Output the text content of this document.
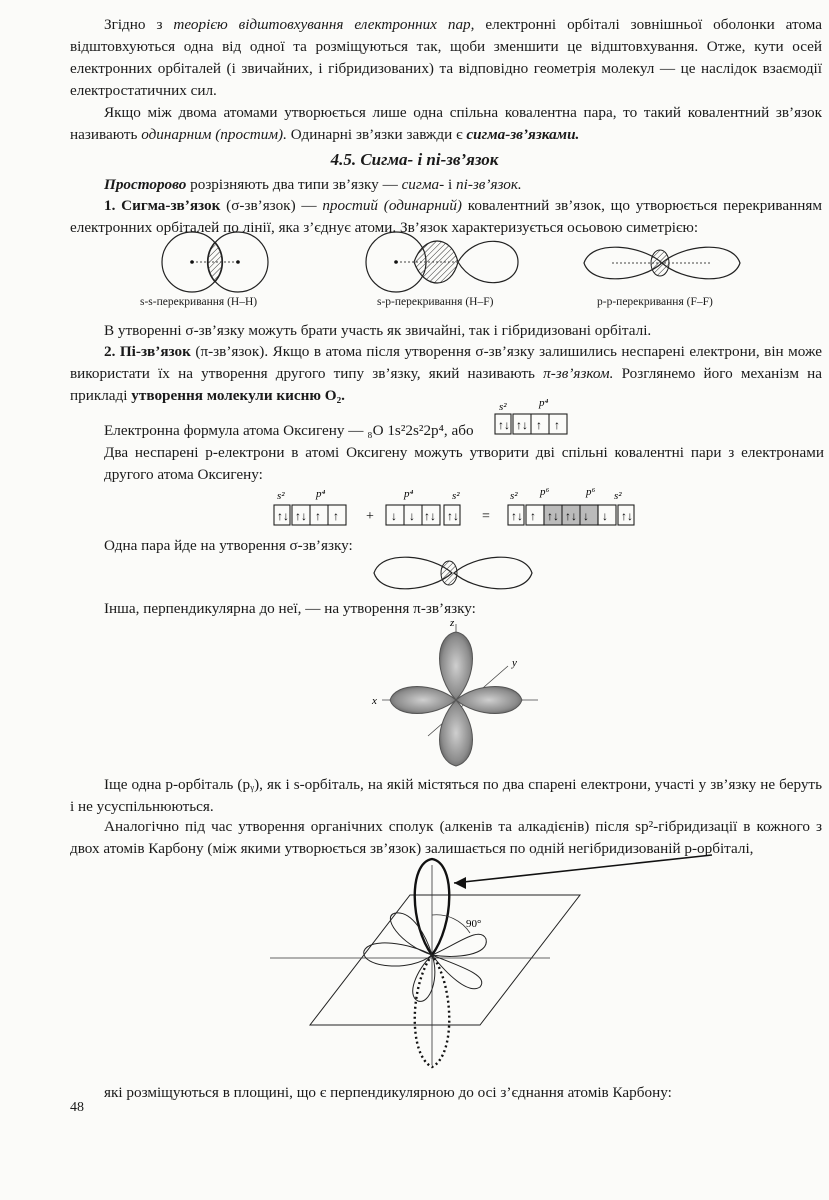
Згідно з теорією відштовхування електронних пар, електронні орбіталі зовнішньої оболонки атома відштовхуються одна від одної та розміщуються так, щоби зменшити це відштовхування. Отже, кути осей електронних орбіталей (і звичайних, і гібридизованих) та відповідно геометрія молекул — це наслідок взаємодії електростатичних сил.

Якщо між двома атомами утворюється лише одна спільна ковалентна пара, то такий ковалентний зв’язок називають одинарним (простим). Одинарні зв’язки завжди є сигма-зв’язками.

4.5. Сигма- і пі-зв’язок

Просторово розрізняють два типи зв’язку — сигма- і пі-зв’язок.

1. Сигма-зв’язок (σ-зв’язок) — простий (одинарний) ковалентний зв’язок, що утворюється перекриванням електронних орбіталей по лінії, яка з’єднує атоми. Зв’язок характеризується осьовою симетрією:

s-s-перекривання (H–H)	s-p-перекривання (H–F)	p-p-перекривання (F–F)

В утворенні σ-зв’язку можуть брати участь як звичайні, так і гібридизовані орбіталі.

2. Пі-зв’язок (π-зв’язок). Якщо в атома після утворення σ-зв’язку залишились неспарені електрони, він може використати їх на утворення другого типу зв’язку, який називають π-зв’язком. Розглянемо його механізм на прикладі утворення молекули кисню O₂.

Електронна формула атома Оксигену — ₈O 1s²2s²2p⁴, або

s²	p⁴
↑↓ ↑↓ ↑ ↑

Два неспарені p-електрони в атомі Оксигену можуть утворити дві спільні ковалентні пари з електронами другого атома Оксигену:

s²	p⁴
↑↓ ↑↓ ↑ ↑ +
p⁴	s²
↓ ↓ ↑↓ ↑↓ =
s² p⁶	p⁶ s²
↑↓ ↑ ↑↓ ↑↓ ↓ ↓ ↑↓

Одна пара йде на утворення σ-зв’язку:

Інша, перпендикулярна до неї, — на утворення π-зв’язку:

z
y
x

Іще одна p-орбіталь (pᵧ), як і s-орбіталь, на якій містяться по два спарені електрони, участі у зв’язку не беруть і не усуспільнюються.

Аналогічно під час утворення органічних сполук (алкенів та алкадієнів) після sp²-гібридизації в кожного з двох атомів Карбону (між якими утворюється зв’язок) залишається по одній негібридизованій p-орбіталі,

90°

які розміщуються в площині, що є перпендикулярною до осі з’єднання атомів Карбону:

48
